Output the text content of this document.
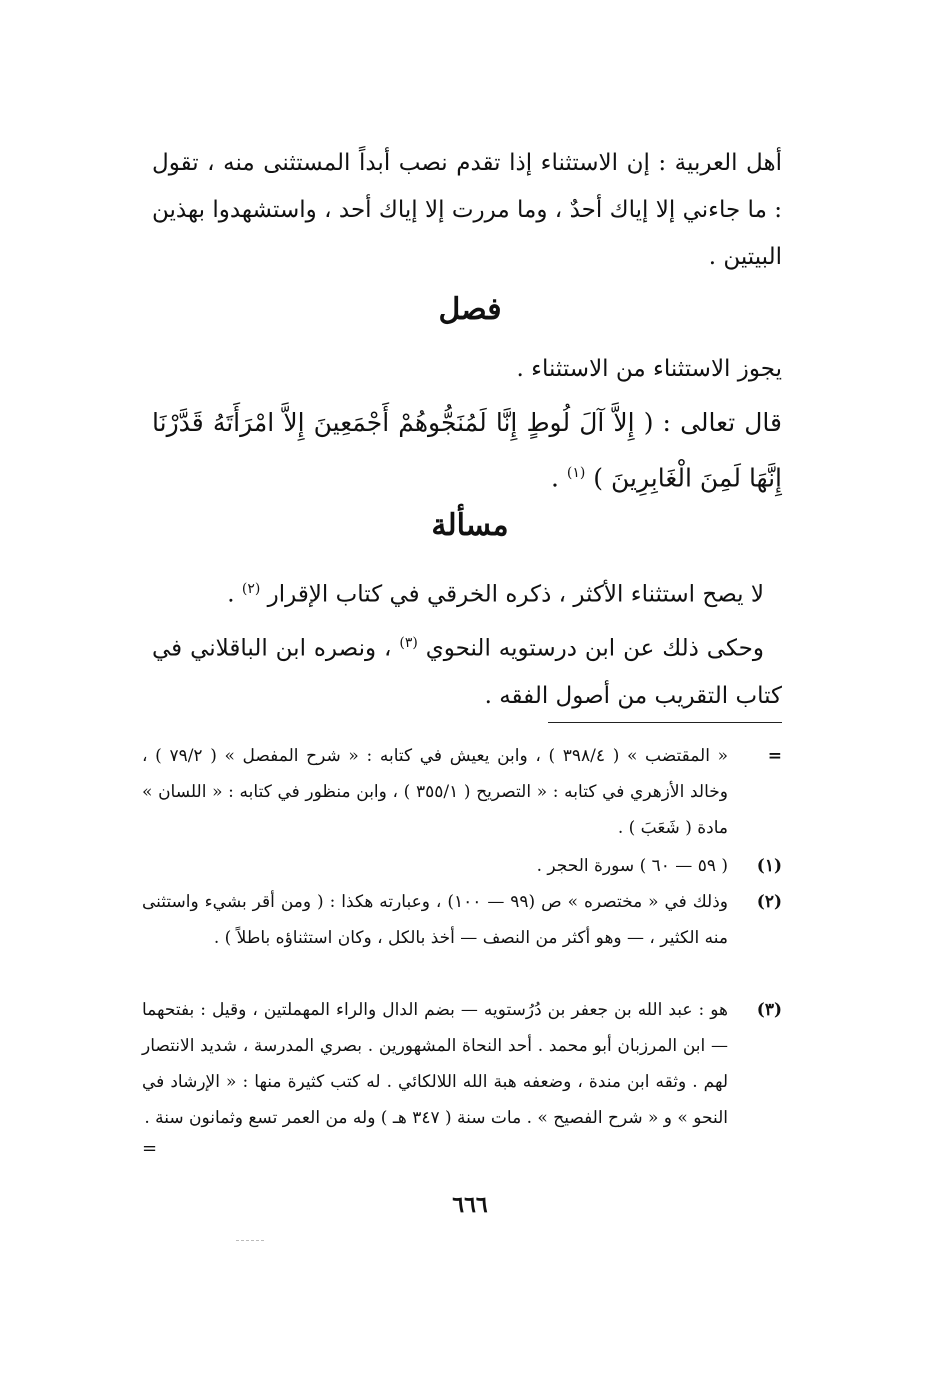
أهل العربية : إن الاستثناء إذا تقدم نصب أبداً المستثنى منه ، تقول : ما جاءني إلا إياك أحدٌ ، وما مررت إلا إياك أحد ، واستشهدوا بهذين البيتين .

فصل

يجوز الاستثناء من الاستثناء .

قال تعالى : ( إِلاَّ آلَ لُوطٍ إِنَّا لَمُنَجُّوهُمْ أَجْمَعِينَ إِلاَّ امْرَأَتَهُ قَدَّرْنَا إِنَّهَا لَمِنَ الْغَابِرِينَ ) $^{(١)}$ .

مسألة

لا يصح استثناء الأكثر ، ذكره الخرقي في كتاب الإقرار $^{(٢)}$ .

وحكى ذلك عن ابن درستويه النحوي $^{(٣)}$ ، ونصره ابن الباقلاني في كتاب التقريب من أصول الفقه .

=

« المقتضب » ( ٣٩٨/٤ ) ، وابن يعيش في كتابه : « شرح المفصل » ( ٧٩/٢ ) ، وخالد الأزهري في كتابه : « التصريح ( ٣٥٥/١ ) ، وابن منظور في كتابه : « اللسان » مادة ( شَعَبَ ) .

(١)

( ٥٩ — ٦٠ ) سورة الحجر .

(٢)

وذلك في « مختصره » ص (٩٩ — ١٠٠) ، وعبارته هكذا : ( ومن أقر بشيء واستثنى منه الكثير ، — وهو أكثر من النصف — أخذ بالكل ، وكان استثناؤه باطلاً ) .

(٣)

هو : عبد الله بن جعفر بن دُرُستويه — بضم الدال والراء المهملتين ، وقيل : بفتحهما — ابن المرزبان أبو محمد . أحد النحاة المشهورين . بصري المدرسة ، شديد الانتصار لهم . وثقه ابن مندة ، وضعفه هبة الله اللالكائي . له كتب كثيرة منها : « الإرشاد في النحو » و « شرح الفصيح » . مات سنة ( ٣٤٧ هـ ) وله من العمر تسع وثمانون سنة .

=

٦٦٦
